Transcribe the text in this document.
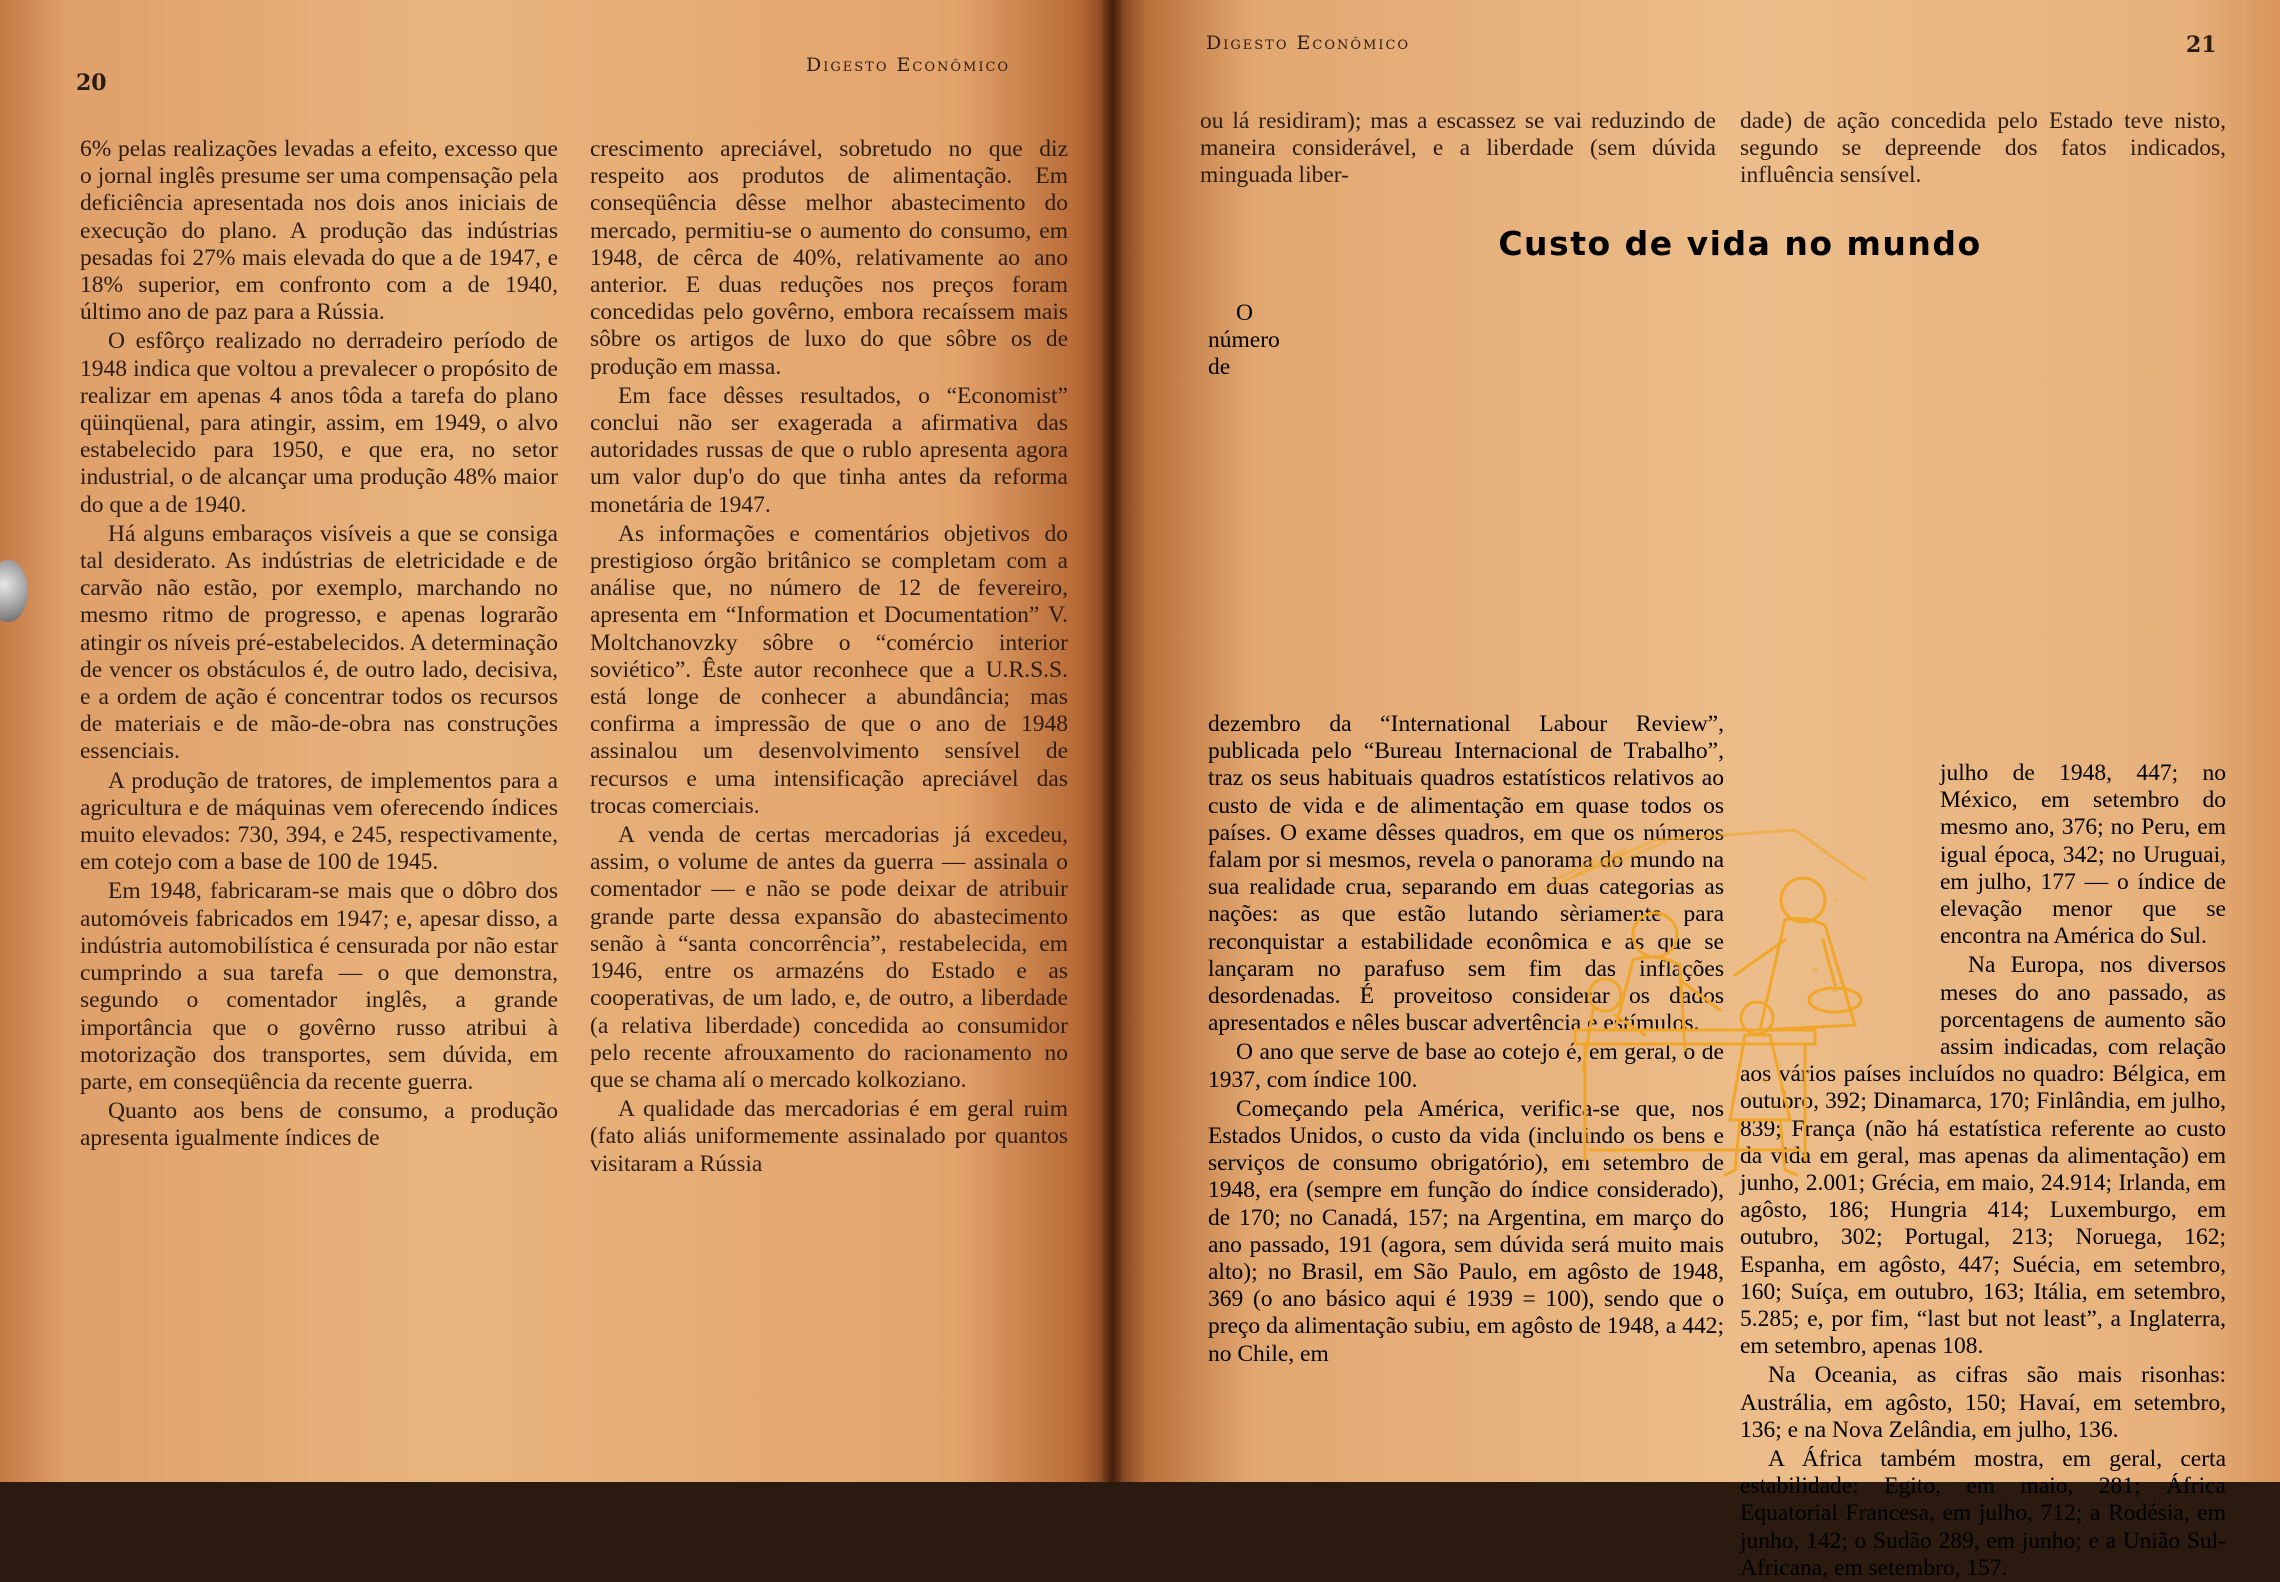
20
Digesto Econômico

6% pelas realizações levadas a efeito, excesso que o jornal inglês presume ser uma compensação pela deficiência apresentada nos dois anos iniciais de execução do plano. A produção das indústrias pesadas foi 27% mais elevada do que a de 1947, e 18% superior, em confronto com a de 1940, último ano de paz para a Rússia.

O esfôrço realizado no derradeiro período de 1948 indica que voltou a prevalecer o propósito de realizar em apenas 4 anos tôda a tarefa do plano qüinqüenal, para atingir, assim, em 1949, o alvo estabelecido para 1950, e que era, no setor industrial, o de alcançar uma produção 48% maior do que a de 1940.

Há alguns embaraços visíveis a que se consiga tal desiderato. As indústrias de eletricidade e de carvão não estão, por exemplo, marchando no mesmo ritmo de progresso, e apenas lograrão atingir os níveis pré-estabelecidos. A determinação de vencer os obstáculos é, de outro lado, decisiva, e a ordem de ação é concentrar todos os recursos de materiais e de mão-de-obra nas construções essenciais.

A produção de tratores, de implementos para a agricultura e de máquinas vem oferecendo índices muito elevados: 730, 394, e 245, respectivamente, em cotejo com a base de 100 de 1945.

Em 1948, fabricaram-se mais que o dôbro dos automóveis fabricados em 1947; e, apesar disso, a indústria automobilística é censurada por não estar cumprindo a sua tarefa — o que demonstra, segundo o comentador inglês, a grande importância que o govêrno russo atribui à motorização dos transportes, sem dúvida, em parte, em conseqüência da recente guerra.

Quanto aos bens de consumo, a produção apresenta igualmente índices de

crescimento apreciável, sobretudo no que diz respeito aos produtos de alimentação. Em conseqüência dêsse melhor abastecimento do mercado, permitiu-se o aumento do consumo, em 1948, de cêrca de 40%, relativamente ao ano anterior. E duas reduções nos preços foram concedidas pelo govêrno, embora recaíssem mais sôbre os artigos de luxo do que sôbre os de produção em massa.

Em face dêsses resultados, o “Economist” conclui não ser exagerada a afirmativa das autoridades russas de que o rublo apresenta agora um valor dup'o do que tinha antes da reforma monetária de 1947.

As informações e comentários objetivos do prestigioso órgão britânico se completam com a análise que, no número de 12 de fevereiro, apresenta em “Information et Documentation” V. Moltchanovzky sôbre o “comércio interior soviético”. Êste autor reconhece que a U.R.S.S. está longe de conhecer a abundância; mas confirma a impressão de que o ano de 1948 assinalou um desenvolvimento sensível de recursos e uma intensificação apreciável das trocas comerciais.

A venda de certas mercadorias já excedeu, assim, o volume de antes da guerra — assinala o comentador — e não se pode deixar de atribuir grande parte dessa expansão do abastecimento senão à “santa concorrência”, restabelecida, em 1946, entre os armazéns do Estado e as cooperativas, de um lado, e, de outro, a liberdade (a relativa liberdade) concedida ao consumidor pelo recente afrouxamento do racionamento no que se chama alí o mercado kolkoziano.

A qualidade das mercadorias é em geral ruim (fato aliás uniformemente assinalado por quantos visitaram a Rússia

Digesto Econômico	21

ou lá residiram); mas a escassez se vai reduzindo de maneira considerável, e a liberdade (sem dúvida minguada liber-

dade) de ação concedida pelo Estado teve nisto, segundo se depreende dos fatos indicados, influência sensível.

Custo de vida no mundo

O número de dezembro da “International Labour Review”, publicada pelo “Bureau Internacional de Trabalho”, traz os seus habituais quadros estatísticos relativos ao custo de vida e de alimentação em quase todos os países. O exame dêsses quadros, em que os números falam por si mesmos, revela o panorama do mundo na sua realidade crua, separando em duas categorias as nações: as que estão lutando sèriamente para reconquistar a estabilidade econômica e as que se lançaram no parafuso sem fim das inflações desordenadas. É proveitoso considerar os dados apresentados e nêles buscar advertência e estímulos.

O ano que serve de base ao cotejo é, em geral, o de 1937, com índice 100.

Começando pela América, verifica-se que, nos Estados Unidos, o custo da vida (incluindo os bens e serviços de consumo obrigatório), em setembro de 1948, era (sempre em função do índice considerado), de 170; no Canadá, 157; na Argentina, em março do ano passado, 191 (agora, sem dúvida será muito mais alto); no Brasil, em São Paulo, em agôsto de 1948, 369 (o ano básico aqui é 1939 = 100), sendo que o preço da alimentação subiu, em agôsto de 1948, a 442; no Chile, em

julho de 1948, 447; no México, em setembro do mesmo ano, 376; no Peru, em igual época, 342; no Uruguai, em julho, 177 — o índice de elevação menor que se encontra na América do Sul.

Na Europa, nos diversos meses do ano passado, as porcentagens de aumento são assim indicadas, com relação aos vários países incluídos no quadro: Bélgica, em outubro, 392; Dinamarca, 170; Finlândia, em julho, 839; França (não há estatística referente ao custo da vida em geral, mas apenas da alimentação) em junho, 2.001; Grécia, em maio, 24.914; Irlanda, em agôsto, 186; Hungria 414; Luxemburgo, em outubro, 302; Portugal, 213; Noruega, 162; Espanha, em agôsto, 447; Suécia, em setembro, 160; Suíça, em outubro, 163; Itália, em setembro, 5.285; e, por fim, “last but not least”, a Inglaterra, em setembro, apenas 108.

Na Oceania, as cifras são mais risonhas: Austrália, em agôsto, 150; Havaí, em setembro, 136; e na Nova Zelândia, em julho, 136.

A África também mostra, em geral, certa estabilidade: Egito, em maio, 281; África Equatorial Francesa, em julho, 712; a Rodésia, em junho, 142; o Sudão 289, em junho; e a União Sul-Africana, em setembro, 157.
